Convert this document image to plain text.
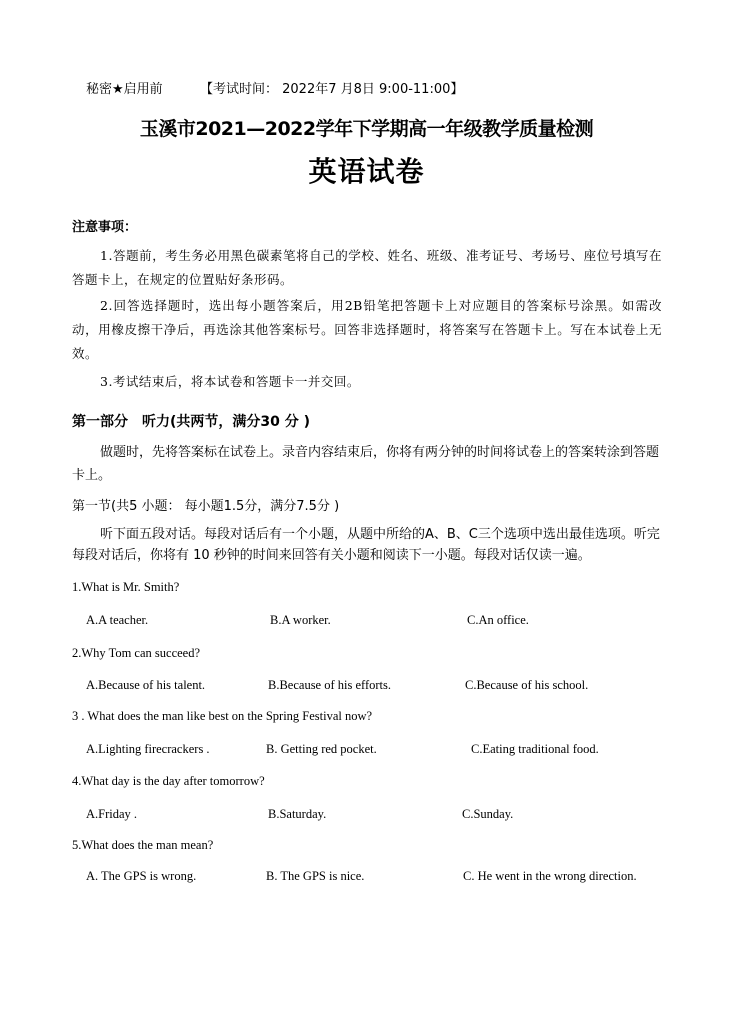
秘密★启用前	【考试时间： 2022年7 月8日 9:00-11:00】
玉溪市2021—2022学年下学期高一年级教学质量检测
英语试卷
注意事项：
1.答题前，考生务必用黑色碳素笔将自己的学校、姓名、班级、准考证号、考场号、座位号填写在答题卡上，在规定的位置贴好条形码。
2.回答选择题时，选出每小题答案后，用2B铅笔把答题卡上对应题目的答案标号涂黑。如需改动，用橡皮擦干净后，再选涂其他答案标号。回答非选择题时，将答案写在答题卡上。写在本试卷上无效。
3.考试结束后，将本试卷和答题卡一并交回。
第一部分　听力(共两节，满分30 分 )
做题时，先将答案标在试卷上。录音内容结束后，你将有两分钟的时间将试卷上的答案转涂到答题卡上。
第一节(共5 小题： 每小题1.5分，满分7.5分 )
听下面五段对话。每段对话后有一个小题，从题中所给的A、B、C三个选项中选出最佳选项。听完每段对话后，你将有 10 秒钟的时间来回答有关小题和阅读下一小题。每段对话仅读一遍。
1.What is Mr. Smith?
A.A teacher.	B.A worker.	C.An office.
2.Why Tom can succeed?
A.Because of his talent.	B.Because of his efforts.	C.Because of his school.
3 . What does the man like best on the Spring Festival now?
A.Lighting firecrackers .	B. Getting red pocket.	C.Eating traditional food.
4.What day is the day after tomorrow?
A.Friday .	B.Saturday.	C.Sunday.
5.What does the man mean?
A. The GPS is wrong.	B. The GPS is nice.	C. He went in the wrong direction.
